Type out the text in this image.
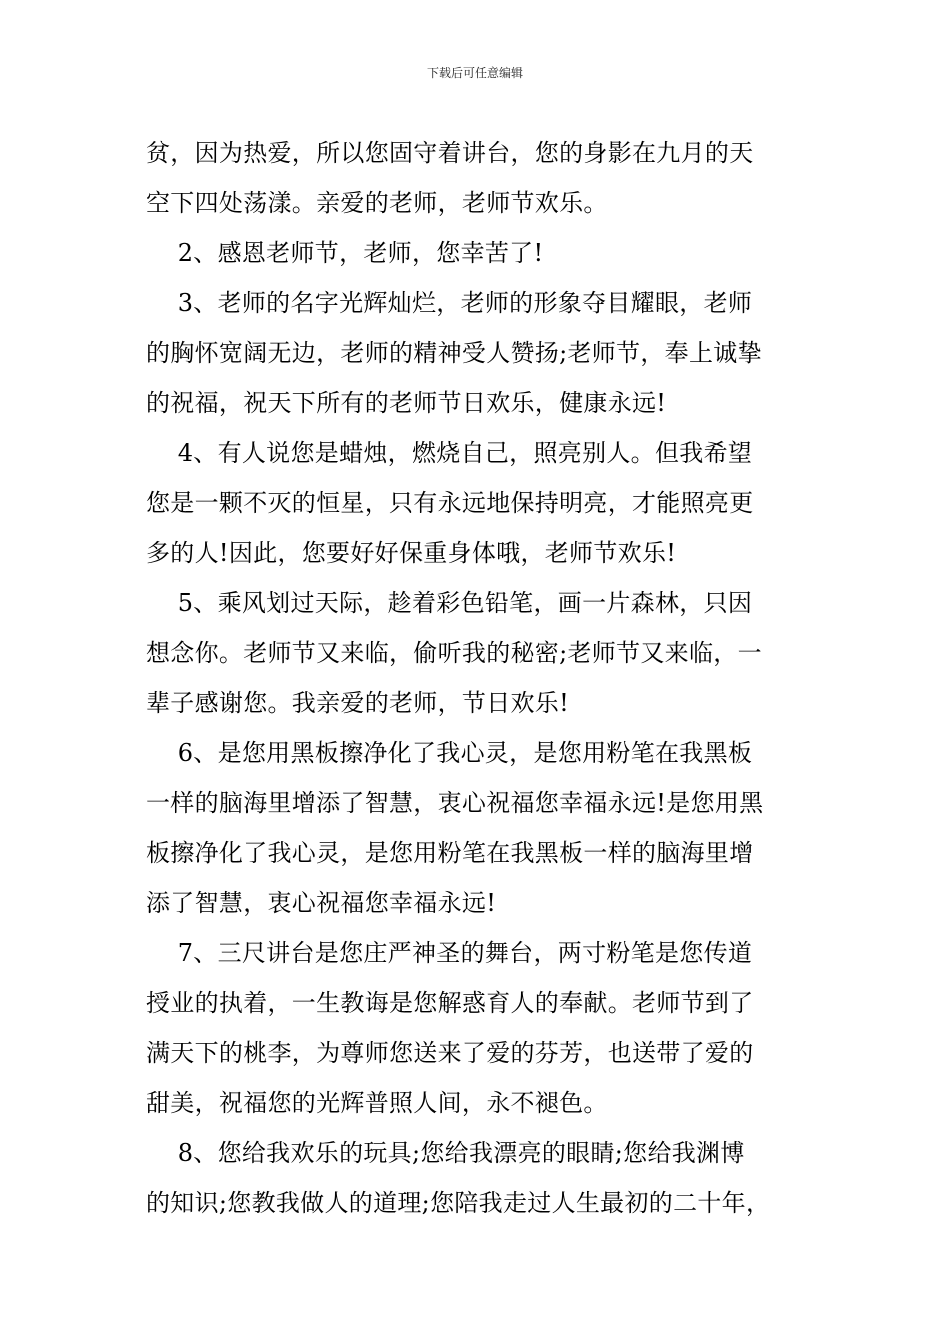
下载后可任意编辑
贫，因为热爱，所以您固守着讲台，您的身影在九月的天
空下四处荡漾。亲爱的老师，老师节欢乐。
2、感恩老师节，老师，您幸苦了!
3、老师的名字光辉灿烂，老师的形象夺目耀眼，老师
的胸怀宽阔无边，老师的精神受人赞扬;老师节，奉上诚挚
的祝福，祝天下所有的老师节日欢乐，健康永远!
4、有人说您是蜡烛，燃烧自己，照亮别人。但我希望
您是一颗不灭的恒星，只有永远地保持明亮，才能照亮更
多的人!因此，您要好好保重身体哦，老师节欢乐!
5、乘风划过天际，趁着彩色铅笔，画一片森林，只因
想念你。老师节又来临，偷听我的秘密;老师节又来临，一
辈子感谢您。我亲爱的老师，节日欢乐!
6、是您用黑板擦净化了我心灵，是您用粉笔在我黑板
一样的脑海里增添了智慧，衷心祝福您幸福永远!是您用黑
板擦净化了我心灵，是您用粉笔在我黑板一样的脑海里增
添了智慧，衷心祝福您幸福永远!
7、三尺讲台是您庄严神圣的舞台，两寸粉笔是您传道
授业的执着，一生教诲是您解惑育人的奉献。老师节到了
满天下的桃李，为尊师您送来了爱的芬芳，也送带了爱的
甜美，祝福您的光辉普照人间，永不褪色。
8、您给我欢乐的玩具;您给我漂亮的眼睛;您给我渊博
的知识;您教我做人的道理;您陪我走过人生最初的二十年，
